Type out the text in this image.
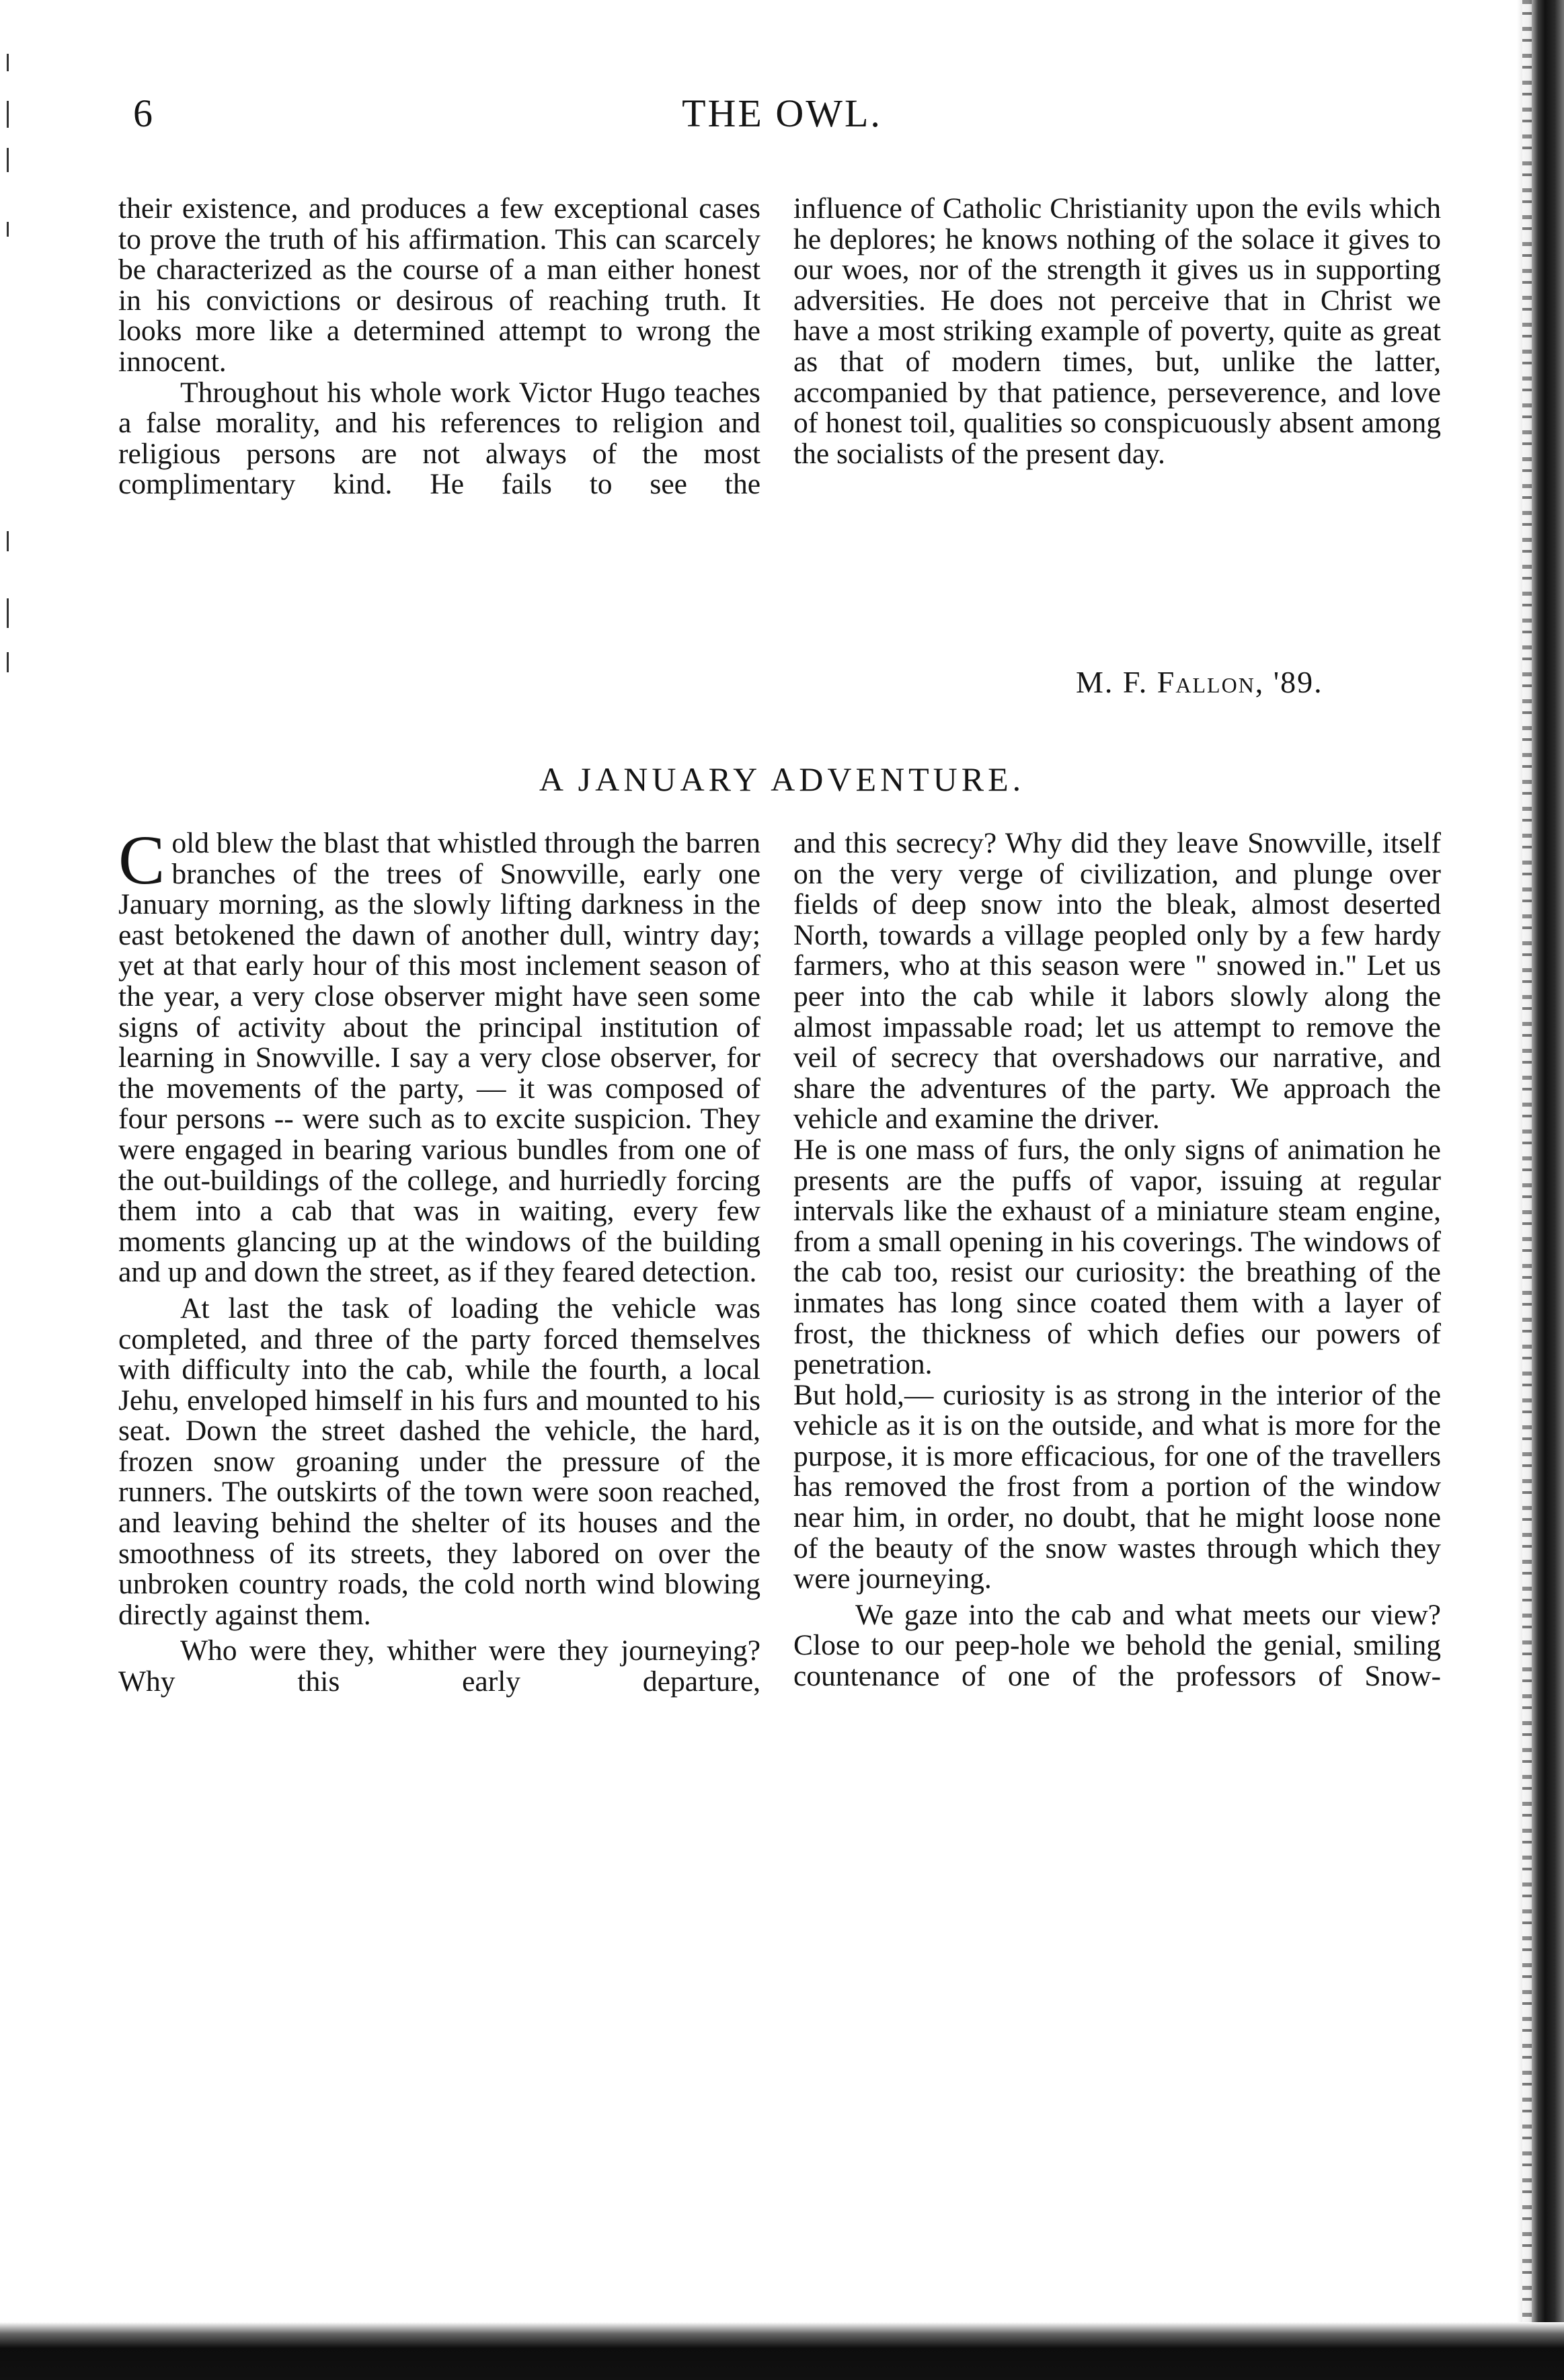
6	THE OWL.

their existence, and produces a few exceptional cases to prove the truth of his affirmation. This can scarcely be characterized as the course of a man either honest in his convictions or desirous of reaching truth. It looks more like a determined attempt to wrong the innocent.

Throughout his whole work Victor Hugo teaches a false morality, and his references to religion and religious persons are not always of the most complimentary kind. He fails to see the

influence of Catholic Christianity upon the evils which he deplores; he knows nothing of the solace it gives to our woes, nor of the strength it gives us in supporting adversities. He does not perceive that in Christ we have a most striking example of poverty, quite as great as that of modern times, but, unlike the latter, accompanied by that patience, perseverence, and love of honest toil, qualities so conspicuously absent among the socialists of the present day.

M. F. Fallon, '89.
A JANUARY ADVENTURE.

C old blew the blast that whistled through the barren branches of the trees of Snowville, early one January morning, as the slowly lifting darkness in the east betokened the dawn of another dull, wintry day; yet at that early hour of this most inclement season of the year, a very close observer might have seen some signs of activity about the principal institution of learning in Snowville. I say a very close observer, for the movements of the party, — it was composed of four persons -- were such as to excite suspicion. They were engaged in bearing various bundles from one of the out-buildings of the college, and hurriedly forcing them into a cab that was in waiting, every few moments glancing up at the windows of the building and up and down the street, as if they feared detection.

At last the task of loading the vehicle was completed, and three of the party forced themselves with difficulty into the cab, while the fourth, a local Jehu, enveloped himself in his furs and mounted to his seat. Down the street dashed the vehicle, the hard, frozen snow groaning under the pressure of the runners. The outskirts of the town were soon reached, and leaving behind the shelter of its houses and the smoothness of its streets, they labored on over the unbroken country roads, the cold north wind blowing directly against them.

Who were they, whither were they journeying? Why this early departure,

and this secrecy? Why did they leave Snowville, itself on the very verge of civilization, and plunge over fields of deep snow into the bleak, almost deserted North, towards a village peopled only by a few hardy farmers, who at this season were " snowed in." Let us peer into the cab while it labors slowly along the almost impassable road; let us attempt to remove the veil of secrecy that overshadows our narrative, and share the adventures of the party. We approach the vehicle and examine the driver.

He is one mass of furs, the only signs of animation he presents are the puffs of vapor, issuing at regular intervals like the exhaust of a miniature steam engine, from a small opening in his coverings. The windows of the cab too, resist our curiosity: the breathing of the inmates has long since coated them with a layer of frost, the thickness of which defies our powers of penetration.

But hold,— curiosity is as strong in the interior of the vehicle as it is on the outside, and what is more for the purpose, it is more efficacious, for one of the travellers has removed the frost from a portion of the window near him, in order, no doubt, that he might loose none of the beauty of the snow wastes through which they were journeying.

We gaze into the cab and what meets our view? Close to our peep-hole we behold the genial, smiling countenance of one of the professors of Snow-
